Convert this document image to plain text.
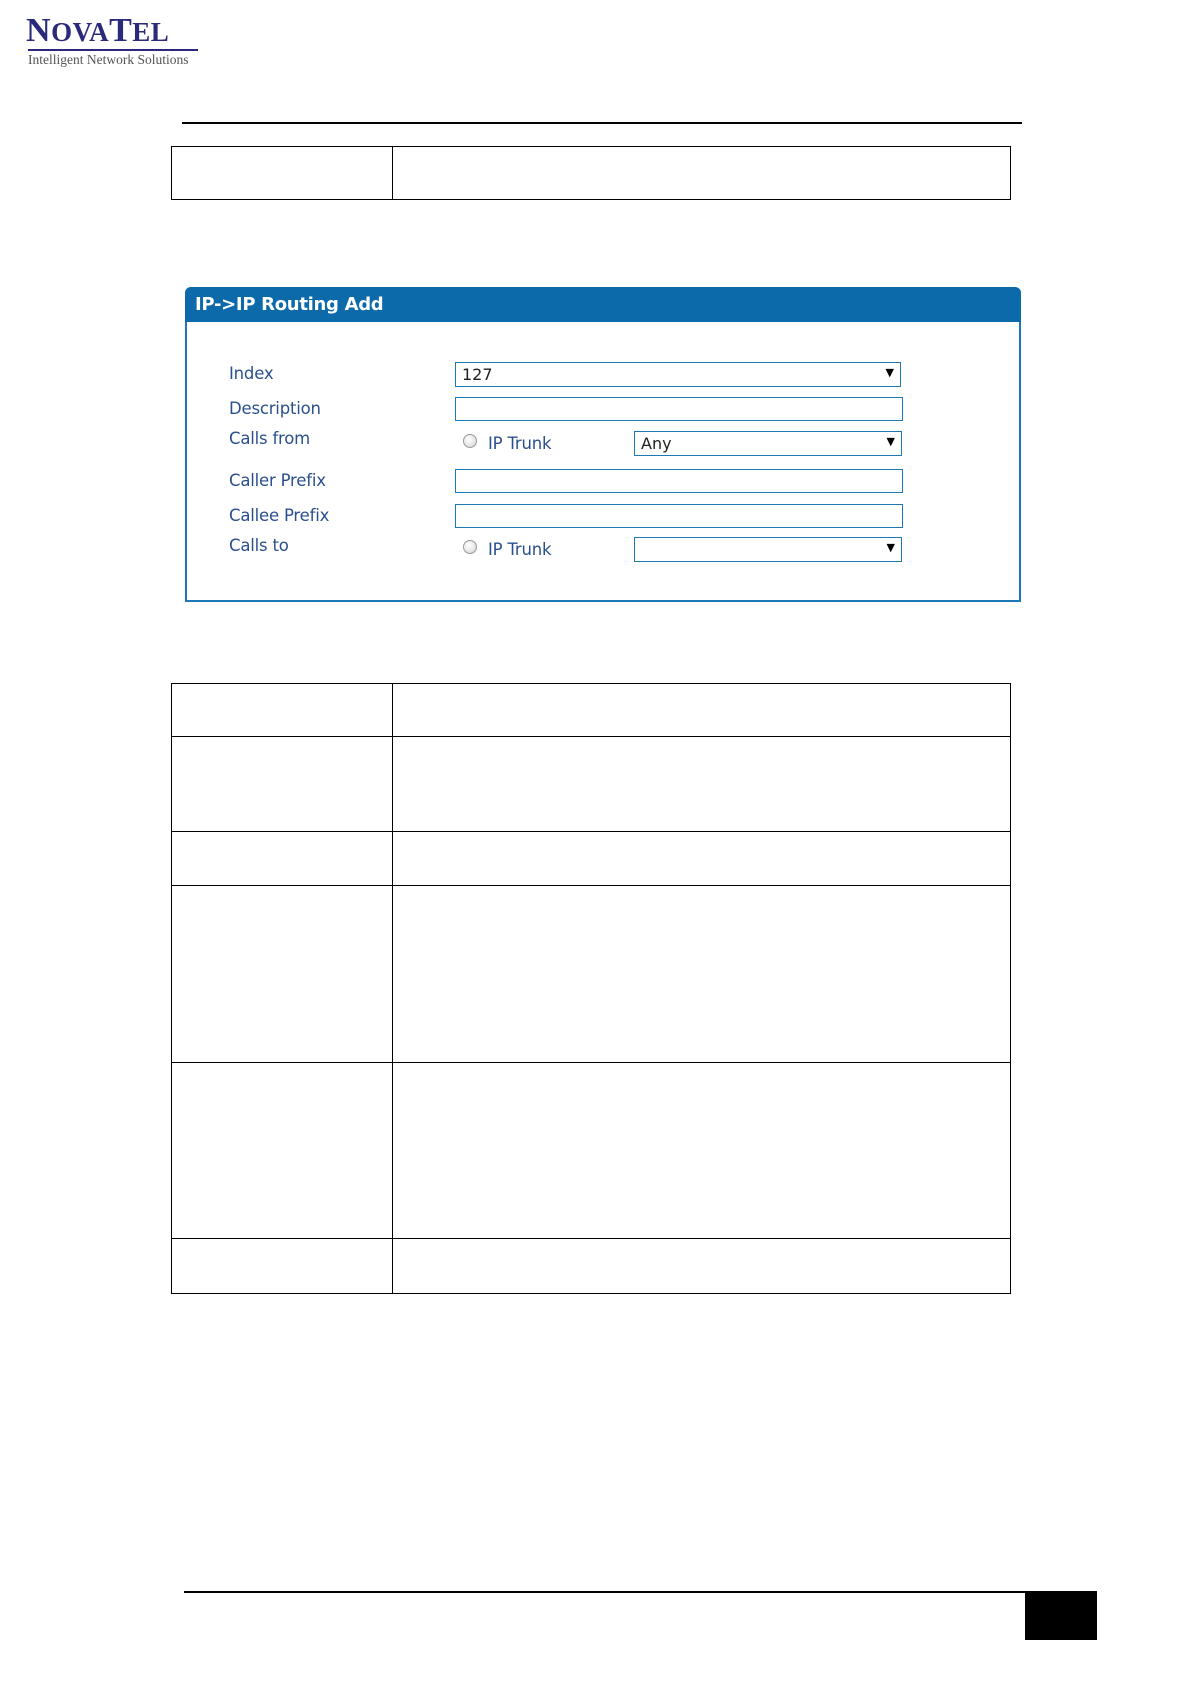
NOVATEL
Intelligent Network Solutions

IP->IP Routing Add
Index	127	▼
Description
Calls from	IP Trunk	Any	▼
Caller Prefix
Callee Prefix
Calls to	IP Trunk	▼
